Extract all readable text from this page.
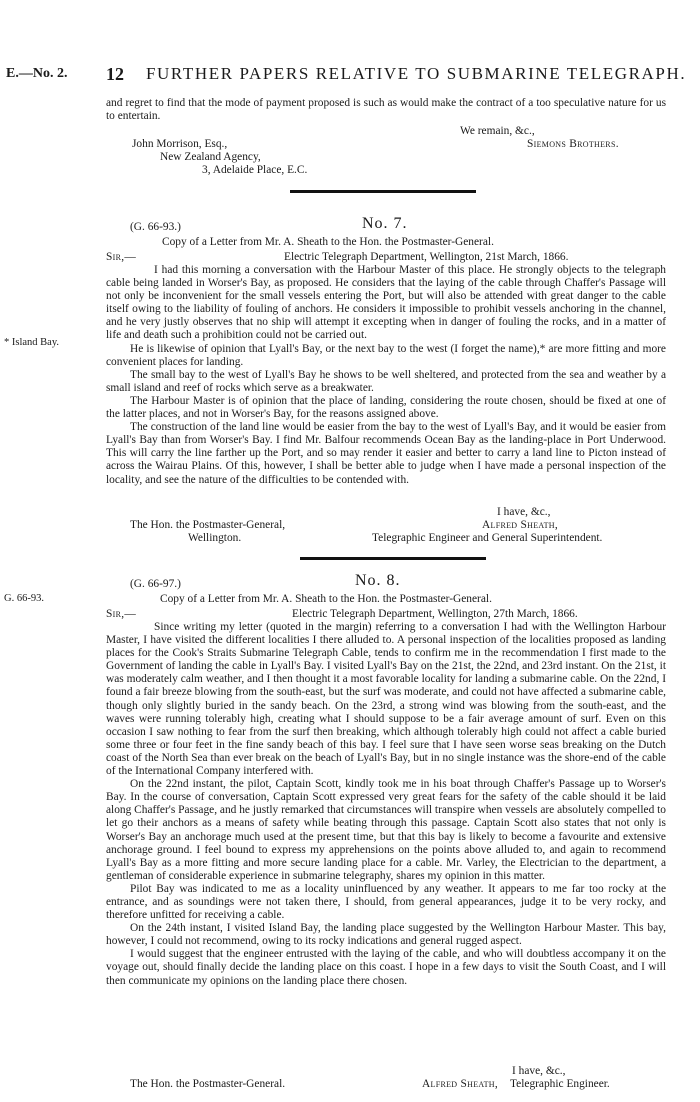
E.—No. 2. 12 FURTHER PAPERS RELATIVE TO SUBMARINE TELEGRAPH.

and regret to find that the mode of payment proposed is such as would make the contract of a too speculative nature for us to entertain.

We remain, &c.,
Siemons Brothers.
John Morrison, Esq.,
New Zealand Agency,
3, Adelaide Place, E.C.
(G. 66-93.)	No. 7.
Copy of a Letter from Mr. A. Sheath to the Hon. the Postmaster-General.
Sir,—	Electric Telegraph Department, Wellington, 21st March, 1866.
* Island Bay.

I had this morning a conversation with the Harbour Master of this place. He strongly objects to the telegraph cable being landed in Worser's Bay, as proposed. He considers that the laying of the cable through Chaffer's Passage will not only be inconvenient for the small vessels entering the Port, but will also be attended with great danger to the cable itself owing to the liability of fouling of anchors. He considers it impossible to prohibit vessels anchoring in the channel, and he very justly observes that no ship will attempt it excepting when in danger of fouling the rocks, and in a matter of life and death such a prohibition could not be carried out.

He is likewise of opinion that Lyall's Bay, or the next bay to the west (I forget the name),* are more fitting and more convenient places for landing.

The small bay to the west of Lyall's Bay he shows to be well sheltered, and protected from the sea and weather by a small island and reef of rocks which serve as a breakwater.

The Harbour Master is of opinion that the place of landing, considering the route chosen, should be fixed at one of the latter places, and not in Worser's Bay, for the reasons assigned above.

The construction of the land line would be easier from the bay to the west of Lyall's Bay, and it would be easier from Lyall's Bay than from Worser's Bay. I find Mr. Balfour recommends Ocean Bay as the landing-place in Port Underwood. This will carry the line farther up the Port, and so may render it easier and better to carry a land line to Picton instead of across the Wairau Plains. Of this, however, I shall be better able to judge when I have made a personal inspection of the locality, and see the nature of the difficulties to be contended with.

I have, &c.,
The Hon. the Postmaster-General,	Alfred Sheath,
Wellington.	Telegraphic Engineer and General Superintendent.
(G. 66-97.)	No. 8.
G. 66-93.	Copy of a Letter from Mr. A. Sheath to the Hon. the Postmaster-General.
Sir,—	Electric Telegraph Department, Wellington, 27th March, 1866.

Since writing my letter (quoted in the margin) referring to a conversation I had with the Wellington Harbour Master, I have visited the different localities I there alluded to. A personal inspection of the localities proposed as landing places for the Cook's Straits Submarine Telegraph Cable, tends to confirm me in the recommendation I first made to the Government of landing the cable in Lyall's Bay. I visited Lyall's Bay on the 21st, the 22nd, and 23rd instant. On the 21st, it was moderately calm weather, and I then thought it a most favorable locality for landing a submarine cable. On the 22nd, I found a fair breeze blowing from the south-east, but the surf was moderate, and could not have affected a submarine cable, though only slightly buried in the sandy beach. On the 23rd, a strong wind was blowing from the south-east, and the waves were running tolerably high, creating what I should suppose to be a fair average amount of surf. Even on this occasion I saw nothing to fear from the surf then breaking, which although tolerably high could not affect a cable buried some three or four feet in the fine sandy beach of this bay. I feel sure that I have seen worse seas breaking on the Dutch coast of the North Sea than ever break on the beach of Lyall's Bay, but in no single instance was the shore-end of the cable of the International Company interfered with.

On the 22nd instant, the pilot, Captain Scott, kindly took me in his boat through Chaffer's Passage up to Worser's Bay. In the course of conversation, Captain Scott expressed very great fears for the safety of the cable should it be laid along Chaffer's Passage, and he justly remarked that circumstances will transpire when vessels are absolutely compelled to let go their anchors as a means of safety while beating through this passage. Captain Scott also states that not only is Worser's Bay an anchorage much used at the present time, but that this bay is likely to become a favourite and extensive anchorage ground. I feel bound to express my apprehensions on the points above alluded to, and again to recommend Lyall's Bay as a more fitting and more secure landing place for a cable. Mr. Varley, the Electrician to the department, a gentleman of considerable experience in submarine telegraphy, shares my opinion in this matter.

Pilot Bay was indicated to me as a locality uninfluenced by any weather. It appears to me far too rocky at the entrance, and as soundings were not taken there, I should, from general appearances, judge it to be very rocky, and therefore unfitted for receiving a cable.

On the 24th instant, I visited Island Bay, the landing place suggested by the Wellington Harbour Master. This bay, however, I could not recommend, owing to its rocky indications and general rugged aspect.

I would suggest that the engineer entrusted with the laying of the cable, and who will doubtless accompany it on the voyage out, should finally decide the landing place on this coast. I hope in a few days to visit the South Coast, and I will then communicate my opinions on the landing place there chosen.

I have, &c.,
The Hon. the Postmaster-General.	Alfred Sheath, Telegraphic Engineer.
